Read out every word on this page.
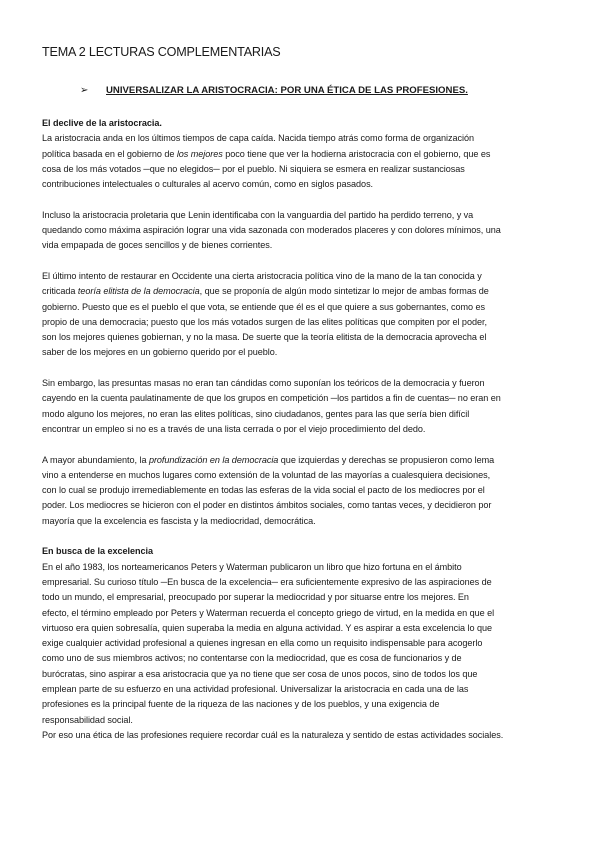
TEMA 2 LECTURAS COMPLEMENTARIAS
➢ UNIVERSALIZAR LA ARISTOCRACIA: POR UNA ÉTICA DE LAS PROFESIONES.
El declive de la aristocracia.

La aristocracia anda en los últimos tiempos de capa caída. Nacida tiempo atrás como forma de organización
política basada en el gobierno de los mejores poco tiene que ver la hodierna aristocracia con el gobierno, que es
cosa de los más votados ─que no elegidos─ por el pueblo. Ni siquiera se esmera en realizar sustanciosas
contribuciones intelectuales o culturales al acervo común, como en siglos pasados.

Incluso la aristocracia proletaria que Lenin identificaba con la vanguardia del partido ha perdido terreno, y va
quedando como máxima aspiración lograr una vida sazonada con moderados placeres y con dolores mínimos, una
vida empapada de goces sencillos y de bienes corrientes.

El último intento de restaurar en Occidente una cierta aristocracia política vino de la mano de la tan conocida y
criticada teoría elitista de la democracia, que se proponía de algún modo sintetizar lo mejor de ambas formas de
gobierno. Puesto que es el pueblo el que vota, se entiende que él es el que quiere a sus gobernantes, como es
propio de una democracia; puesto que los más votados surgen de las elites políticas que compiten por el poder,
son los mejores quienes gobiernan, y no la masa. De suerte que la teoría elitista de la democracia aprovecha el
saber de los mejores en un gobierno querido por el pueblo.

Sin embargo, las presuntas masas no eran tan cándidas como suponían los teóricos de la democracia y fueron
cayendo en la cuenta paulatinamente de que los grupos en competición ─los partidos a fin de cuentas─ no eran en
modo alguno los mejores, no eran las elites políticas, sino ciudadanos, gentes para las que sería bien difícil
encontrar un empleo si no es a través de una lista cerrada o por el viejo procedimiento del dedo.

A mayor abundamiento, la profundización en la democracia que izquierdas y derechas se propusieron como lema
vino a entenderse en muchos lugares como extensión de la voluntad de las mayorías a cualesquiera decisiones,
con lo cual se produjo irremediablemente en todas las esferas de la vida social el pacto de los mediocres por el
poder. Los mediocres se hicieron con el poder en distintos ámbitos sociales, como tantas veces, y decidieron por
mayoría que la excelencia es fascista y la mediocridad, democrática.

En busca de la excelencia

En el año 1983, los norteamericanos Peters y Waterman publicaron un libro que hizo fortuna en el ámbito
empresarial. Su curioso título ─En busca de la excelencia─ era suficientemente expresivo de las aspiraciones de
todo un mundo, el empresarial, preocupado por superar la mediocridad y por situarse entre los mejores. En
efecto, el término empleado por Peters y Waterman recuerda el concepto griego de virtud, en la medida en que el
virtuoso era quien sobresalía, quien superaba la media en alguna actividad. Y es aspirar a esta excelencia lo que
exige cualquier actividad profesional a quienes ingresan en ella como un requisito indispensable para acogerlo
como uno de sus miembros activos; no contentarse con la mediocridad, que es cosa de funcionarios y de
burócratas, sino aspirar a esa aristocracia que ya no tiene que ser cosa de unos pocos, sino de todos los que
emplean parte de su esfuerzo en una actividad profesional. Universalizar la aristocracia en cada una de las
profesiones es la principal fuente de la riqueza de las naciones y de los pueblos, y una exigencia de
responsabilidad social.
Por eso una ética de las profesiones requiere recordar cuál es la naturaleza y sentido de estas actividades sociales.
